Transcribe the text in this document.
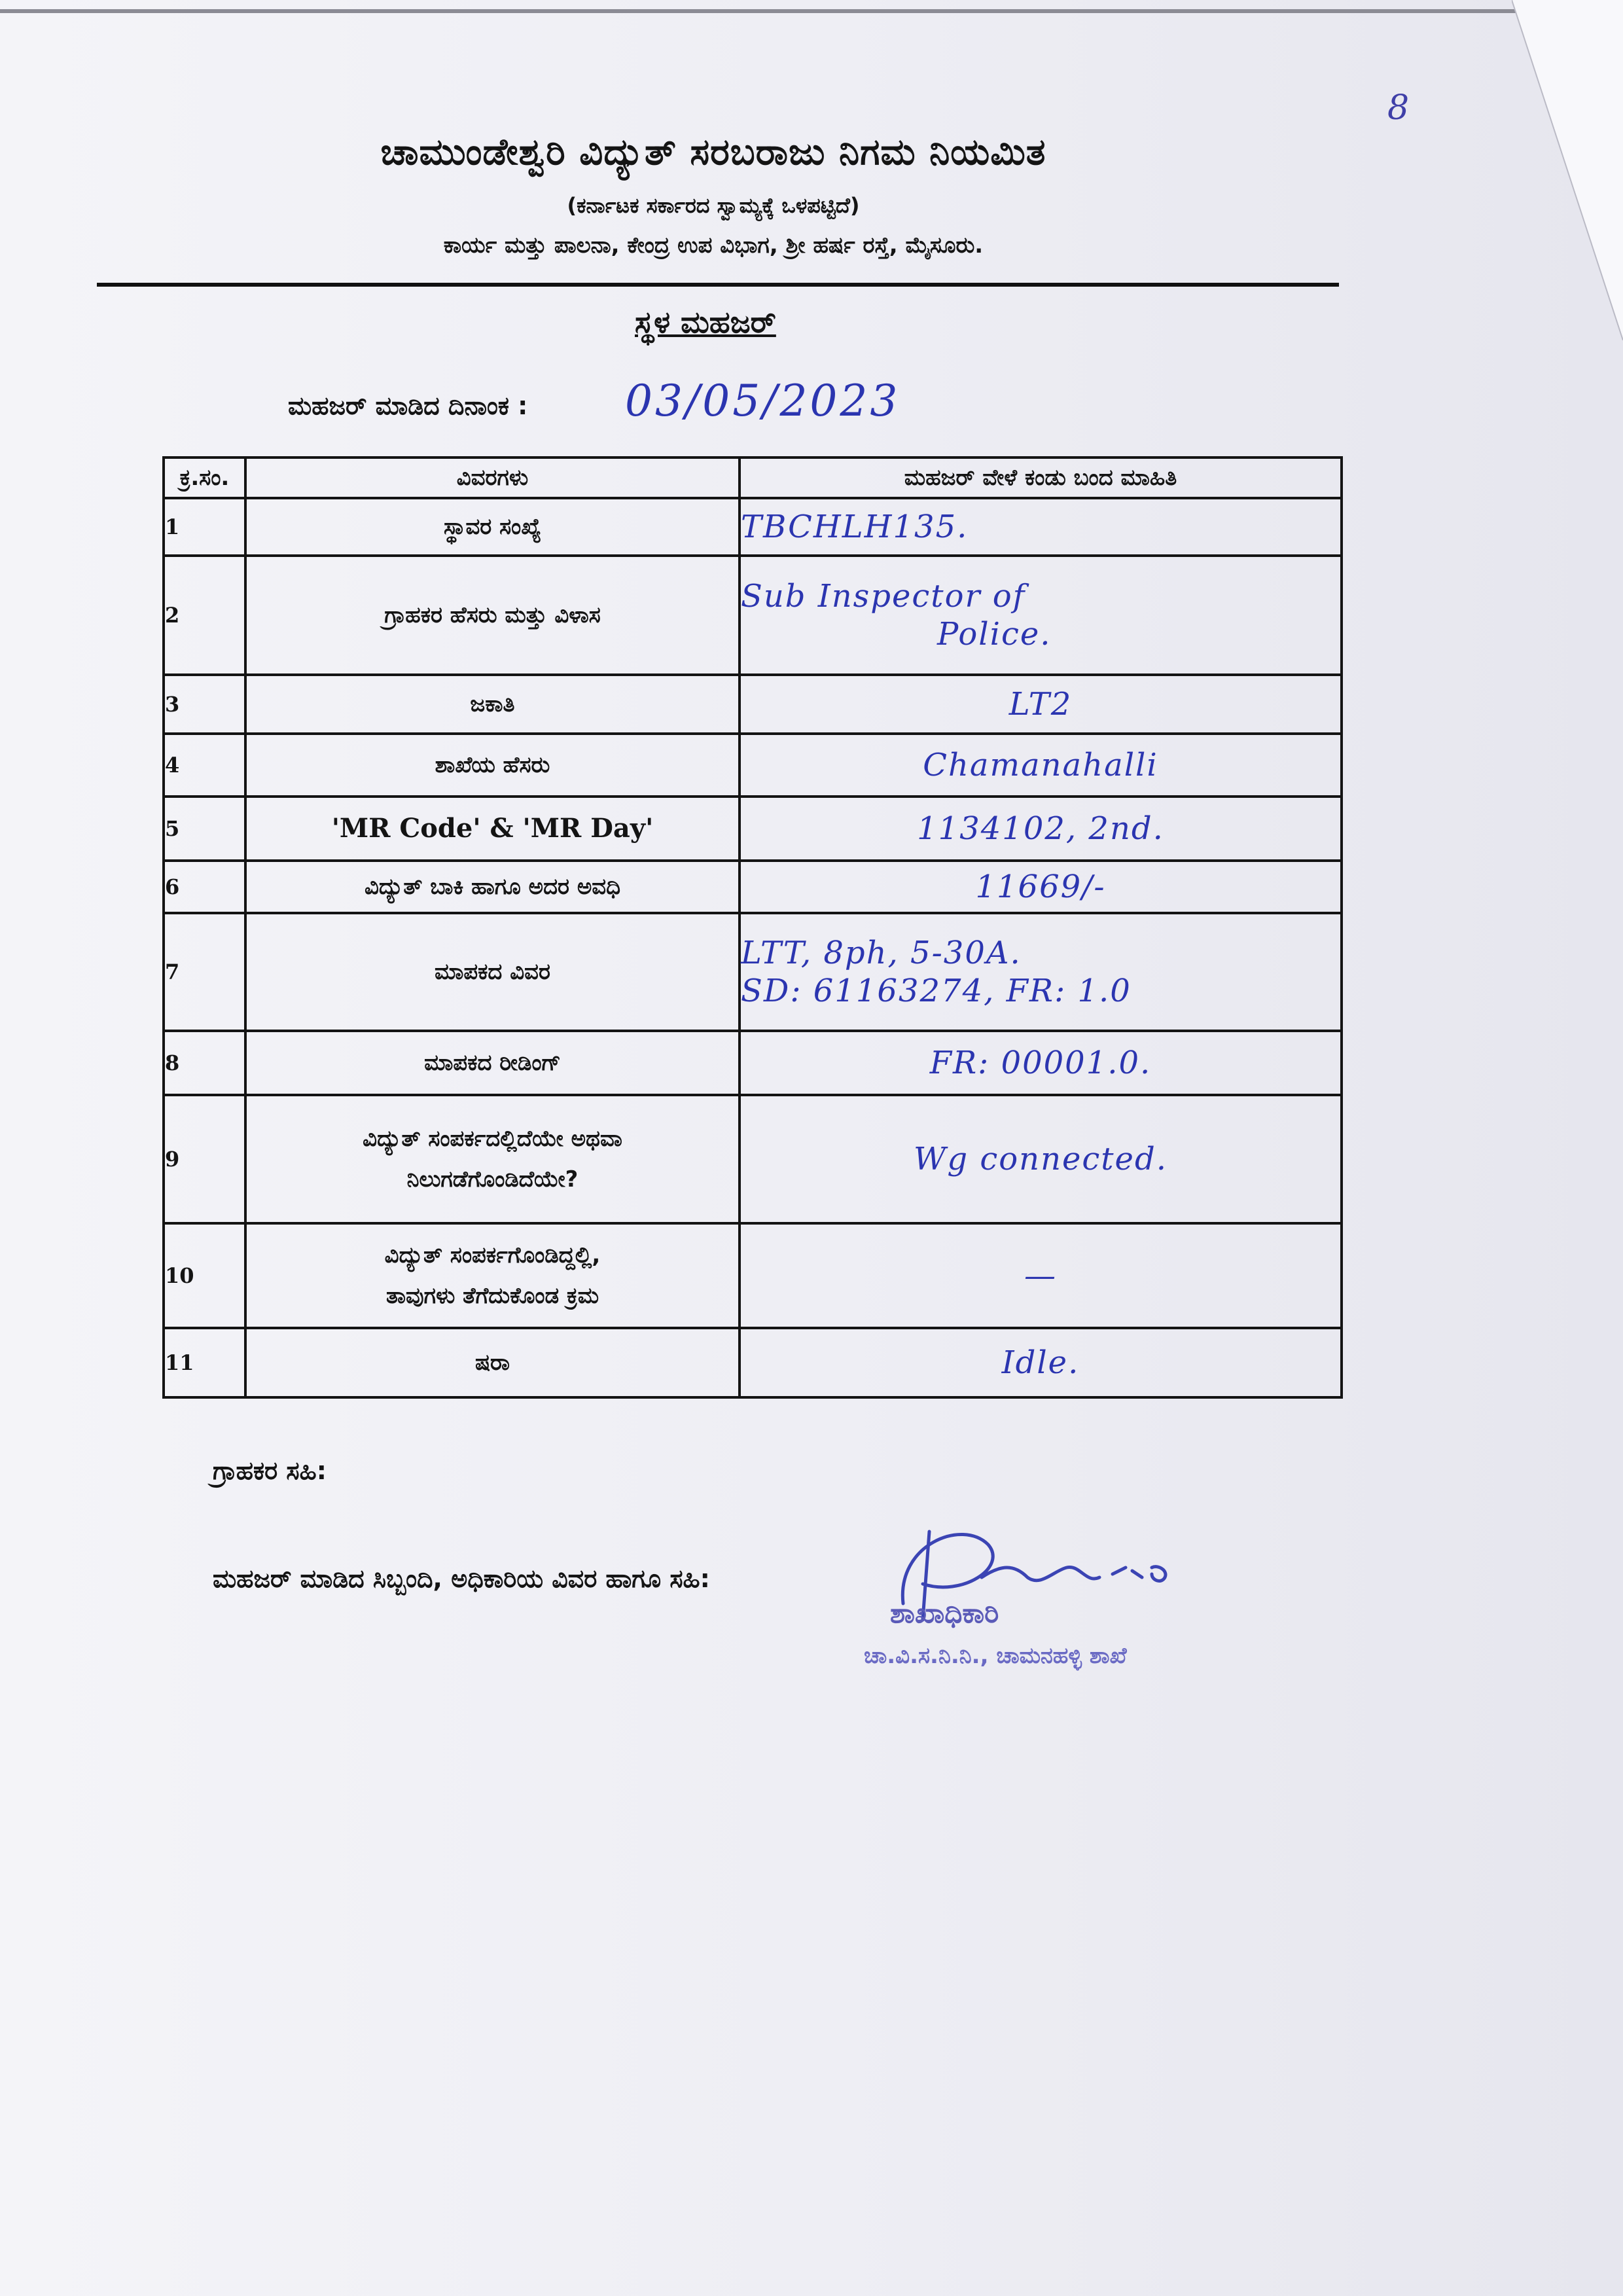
8
ಚಾಮುಂಡೇಶ್ವರಿ ವಿದ್ಯುತ್ ಸರಬರಾಜು ನಿಗಮ ನಿಯಮಿತ
(ಕರ್ನಾಟಕ ಸರ್ಕಾರದ ಸ್ವಾಮ್ಯಕ್ಕೆ ಒಳಪಟ್ಟಿದೆ)
ಕಾರ್ಯ ಮತ್ತು ಪಾಲನಾ, ಕೇಂದ್ರ ಉಪ ವಿಭಾಗ, ಶ್ರೀ ಹರ್ಷ ರಸ್ತೆ, ಮೈಸೂರು.
ಸ್ಥಳ ಮಹಜರ್
ಮಹಜರ್ ಮಾಡಿದ ದಿನಾಂಕ : 03/05/2023
ಕ್ರ.ಸಂ.	ವಿವರಗಳು	ಮಹಜರ್ ವೇಳೆ ಕಂಡು ಬಂದ ಮಾಹಿತಿ
1	ಸ್ಥಾವರ ಸಂಖ್ಯೆ	TBCHLH135.
2	ಗ್ರಾಹಕರ ಹೆಸರು ಮತ್ತು ವಿಳಾಸ	Sub Inspector of
Police.

3	ಜಕಾತಿ	LT2
4	ಶಾಖೆಯ ಹೆಸರು	Chamanahalli
5	'MR Code' & 'MR Day'	1134102, 2nd.
6	ವಿದ್ಯುತ್ ಬಾಕಿ ಹಾಗೂ ಅದರ ಅವಧಿ	11669/-
7	ಮಾಪಕದ ವಿವರ	LTT, 8ph, 5-30A.
SD: 61163274, FR: 1.0

8	ಮಾಪಕದ ರೀಡಿಂಗ್	FR: 00001.0.
9	ವಿದ್ಯುತ್ ಸಂಪರ್ಕದಲ್ಲಿದೆಯೇ ಅಥವಾ
ನಿಲುಗಡೆಗೊಂಡಿದೆಯೇ?	Wg connected.
10	ವಿದ್ಯುತ್ ಸಂಪರ್ಕಗೊಂಡಿದ್ದಲ್ಲಿ,
ತಾವುಗಳು ತೆಗೆದುಕೊಂಡ ಕ್ರಮ	—
11	ಷರಾ	Idle.
ಗ್ರಾಹಕರ ಸಹಿ:
ಮಹಜರ್ ಮಾಡಿದ ಸಿಬ್ಬಂದಿ, ಅಧಿಕಾರಿಯ ವಿವರ ಹಾಗೂ ಸಹಿ:
ಶಾಖಾಧಿಕಾರಿ
ಚಾ.ವಿ.ಸ.ನಿ.ನಿ., ಚಾಮನಹಳ್ಳಿ ಶಾಖೆ
